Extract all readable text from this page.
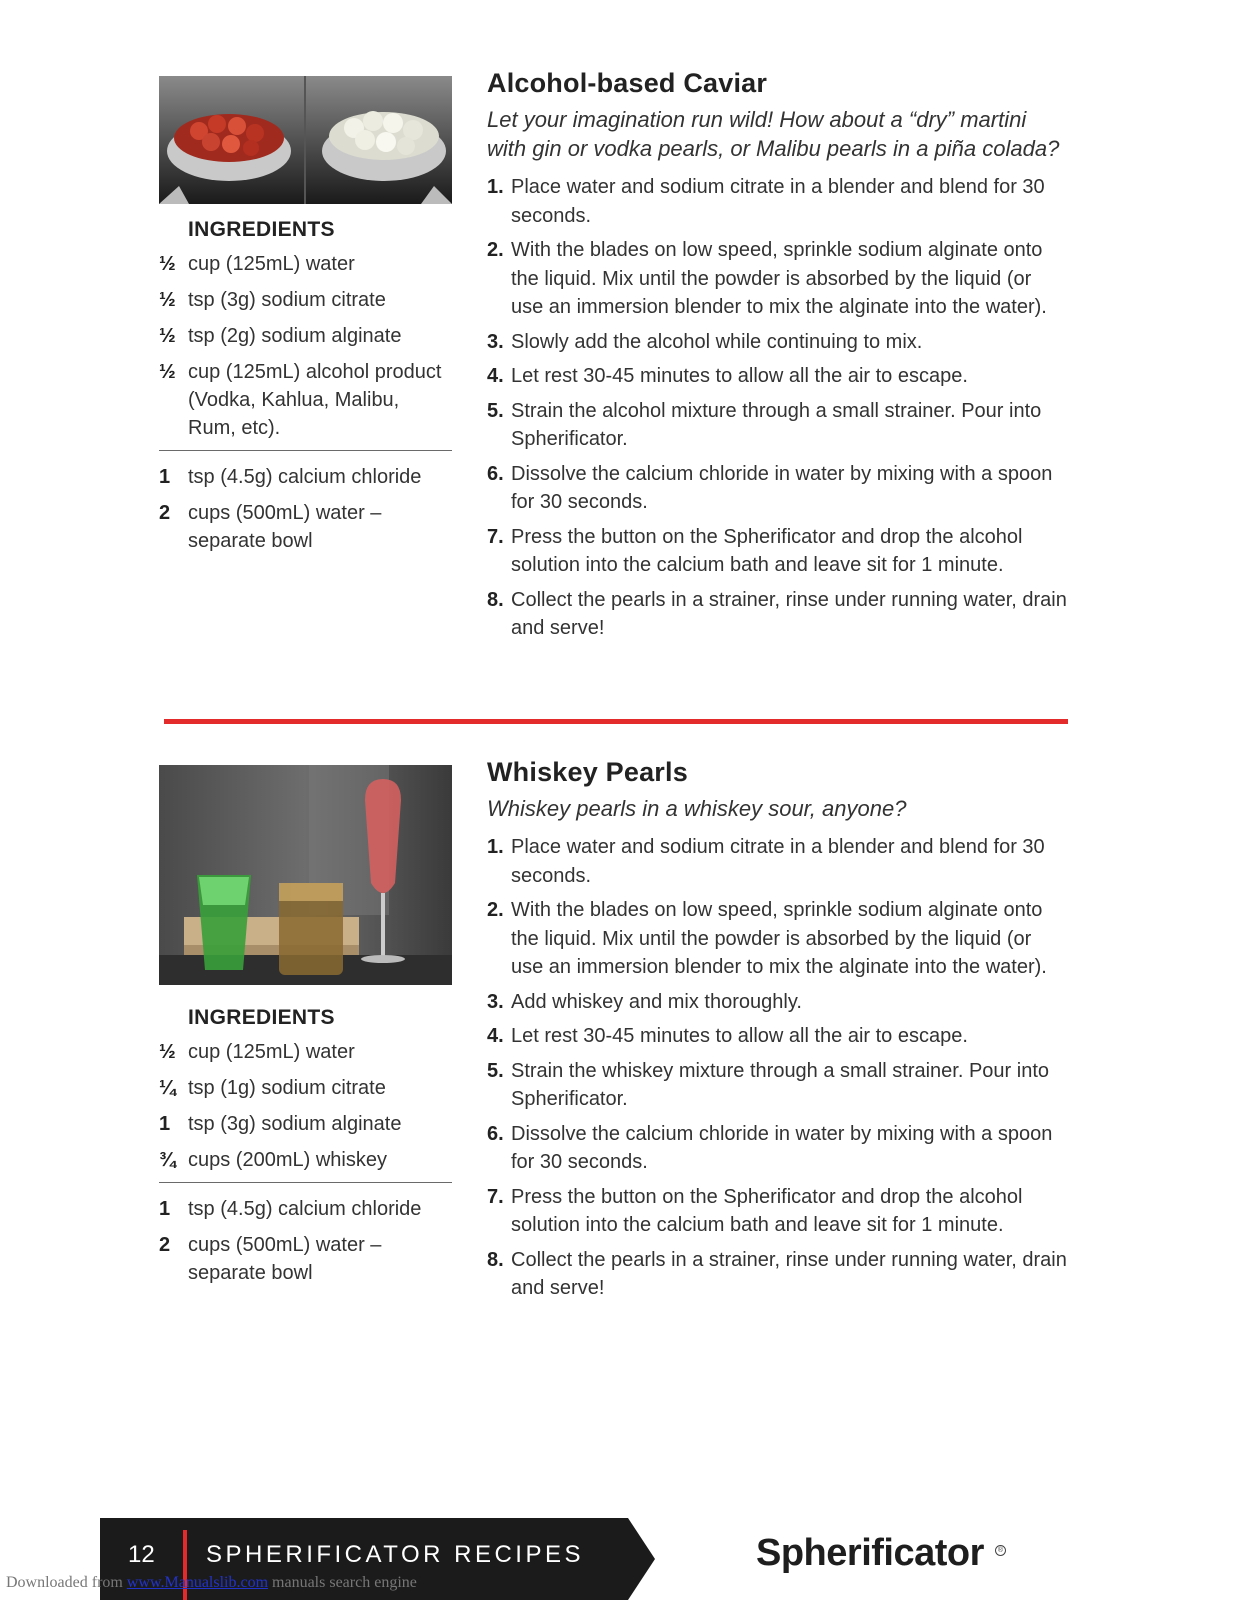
INGREDIENTS
½ cup (125mL) water
½ tsp (3g) sodium citrate
½ tsp (2g) sodium alginate
½ cup (125mL) alcohol product (Vodka, Kahlua, Malibu, Rum, etc).
1 tsp (4.5g) calcium chloride
2 cups (500mL) water – separate bowl
Alcohol-based Caviar

Let your imagination run wild! How about a “dry” martini with gin or vodka pearls, or Malibu pearls in a piña colada?

1. Place water and sodium citrate in a blender and blend for 30 seconds.
2. With the blades on low speed, sprinkle sodium alginate onto the liquid. Mix until the powder is absorbed by the liquid (or use an immersion blender to mix the alginate into the water).
3. Slowly add the alcohol while continuing to mix.
4. Let rest 30-45 minutes to allow all the air to escape.
5. Strain the alcohol mixture through a small strainer. Pour into Spherificator.
6. Dissolve the calcium chloride in water by mixing with a spoon for 30 seconds.
7. Press the button on the Spherificator and drop the alcohol solution into the calcium bath and leave sit for 1 minute.
8. Collect the pearls in a strainer, rinse under running water, drain and serve!
INGREDIENTS
½ cup (125mL) water
¼ tsp (1g) sodium citrate
1 tsp (3g) sodium alginate
¾ cups (200mL) whiskey
1 tsp (4.5g) calcium chloride
2 cups (500mL) water – separate bowl
Whiskey Pearls

Whiskey pearls in a whiskey sour, anyone?

1. Place water and sodium citrate in a blender and blend for 30 seconds.
2. With the blades on low speed, sprinkle sodium alginate onto the liquid. Mix until the powder is absorbed by the liquid (or use an immersion blender to mix the alginate into the water).
3. Add whiskey and mix thoroughly.
4. Let rest 30-45 minutes to allow all the air to escape.
5. Strain the whiskey mixture through a small strainer. Pour into Spherificator.
6. Dissolve the calcium chloride in water by mixing with a spoon for 30 seconds.
7. Press the button on the Spherificator and drop the alcohol solution into the calcium bath and leave sit for 1 minute.
8. Collect the pearls in a strainer, rinse under running water, drain and serve!
12 SPHERIFICATOR RECIPES	Spherificator	®
Downloaded from www.Manualslib.com manuals search engine
